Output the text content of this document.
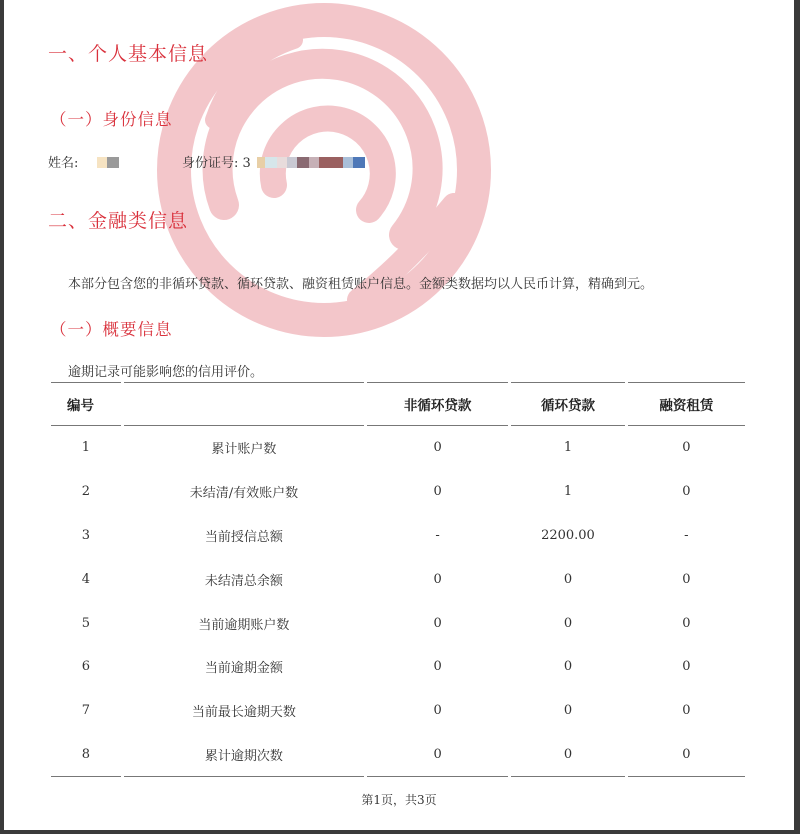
一、个人基本信息
（一）身份信息
姓名:	身份证号: 3
二、金融类信息
本部分包含您的非循环贷款、循环贷款、融资租赁账户信息。金额类数据均以人民币计算，精确到元。
（一）概要信息
逾期记录可能影响您的信用评价。
编号		非循环贷款	循环贷款	融资租赁
1	累计账户数	0	1	0
2	未结清/有效账户数	0	1	0
3	当前授信总额	-	2200.00	-
4	未结清总余额	0	0	0
5	当前逾期账户数	0	0	0
6	当前逾期金额	0	0	0
7	当前最长逾期天数	0	0	0
8	累计逾期次数	0	0	0
第1页，共3页
